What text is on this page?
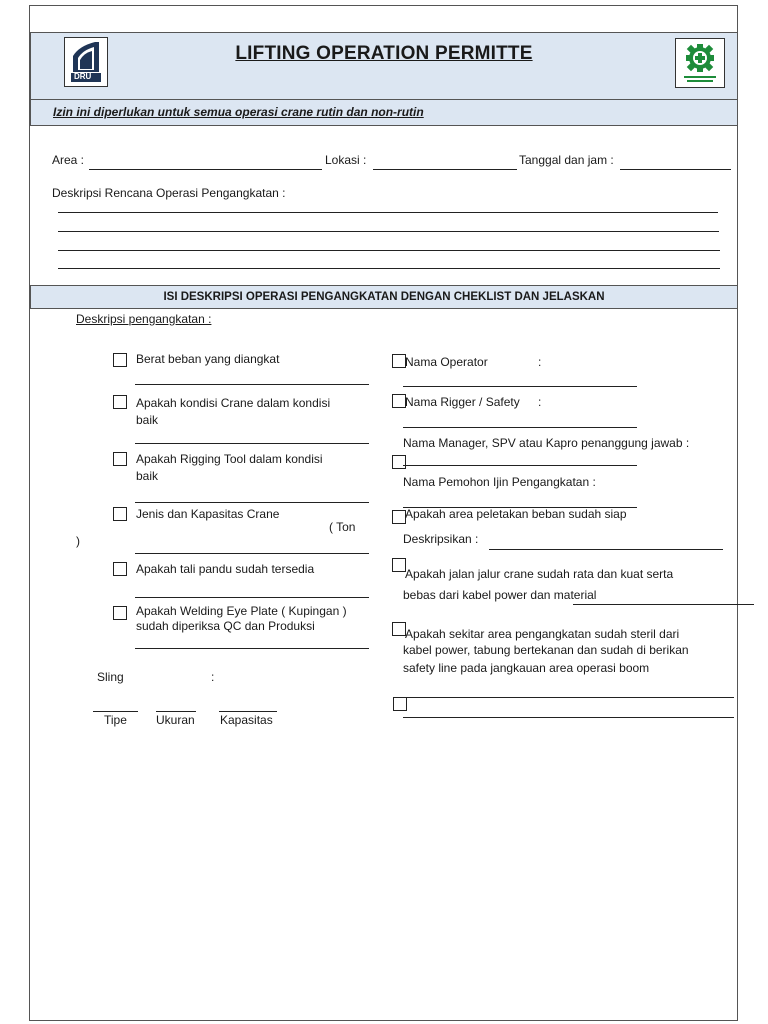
DRU
LIFTING OPERATION PERMITTE
Izin ini diperlukan untuk semua operasi crane rutin dan non-rutin
Area :	Lokasi :	Tanggal dan jam :
Deskripsi Rencana Operasi Pengangkatan :
ISI DESKRIPSI OPERASI PENGANGKATAN DENGAN CHEKLIST DAN JELASKAN
Deskripsi pengangkatan :
Berat beban yang diangkat
Apakah kondisi Crane dalam kondisi
baik
Apakah Rigging Tool dalam kondisi
baik
Jenis dan Kapasitas Crane
( Ton
)
Apakah tali pandu sudah tersedia
Apakah Welding Eye Plate ( Kupingan )
sudah diperiksa QC dan Produksi
Sling	:
Tipe Ukuran Kapasitas
Nama Operator	:
Nama Rigger / Safety :
Nama Manager, SPV atau Kapro penanggung jawab :
Nama Pemohon Ijin Pengangkatan :
Apakah area peletakan beban sudah siap
Deskripsikan :
Apakah jalan jalur crane sudah rata dan kuat serta
bebas dari kabel power dan material
Apakah sekitar area pengangkatan sudah steril dari
kabel power, tabung bertekanan dan sudah di berikan
safety line pada jangkauan area operasi boom
